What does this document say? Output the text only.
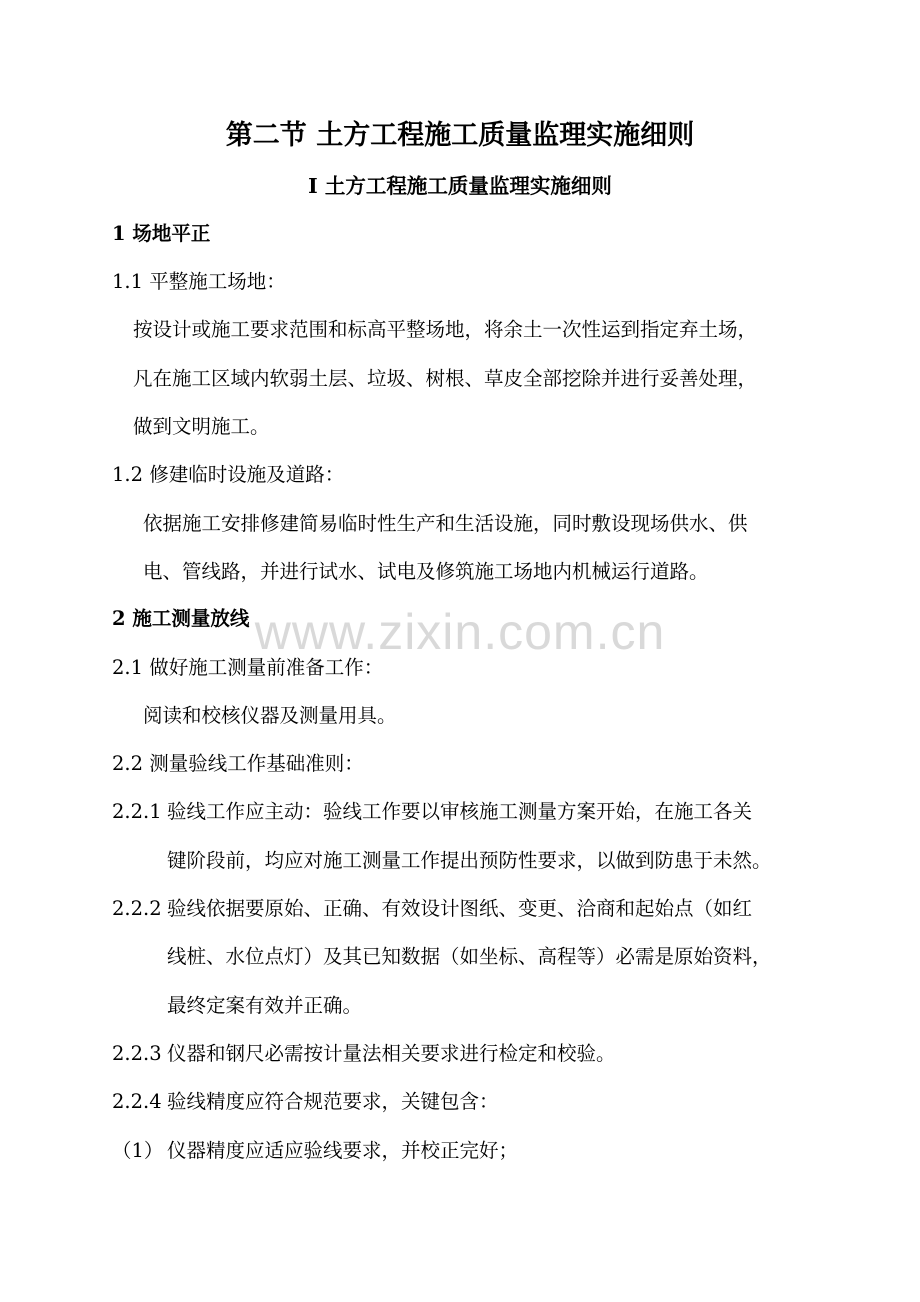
www.zixin.com.cn
第二节 土方工程施工质量监理实施细则
Ⅰ 土方工程施工质量监理实施细则
1 场地平正
1.1 平整施工场地：
按设计或施工要求范围和标高平整场地，将余土一次性运到指定弃土场，
凡在施工区域内软弱土层、垃圾、树根、草皮全部挖除并进行妥善处理，
做到文明施工。
1.2 修建临时设施及道路：
依据施工安排修建简易临时性生产和生活设施，同时敷设现场供水、供
电、管线路，并进行试水、试电及修筑施工场地内机械运行道路。
2 施工测量放线
2.1 做好施工测量前准备工作：
阅读和校核仪器及测量用具。
2.2 测量验线工作基础准则：
2.2.1 验线工作应主动：验线工作要以审核施工测量方案开始，在施工各关
键阶段前，均应对施工测量工作提出预防性要求，以做到防患于未然。
2.2.2 验线依据要原始、正确、有效设计图纸、变更、洽商和起始点（如红
线桩、水位点灯）及其已知数据（如坐标、高程等）必需是原始资料，
最终定案有效并正确。
2.2.3 仪器和钢尺必需按计量法相关要求进行检定和校验。
2.2.4 验线精度应符合规范要求，关键包含：
（1） 仪器精度应适应验线要求，并校正完好；
